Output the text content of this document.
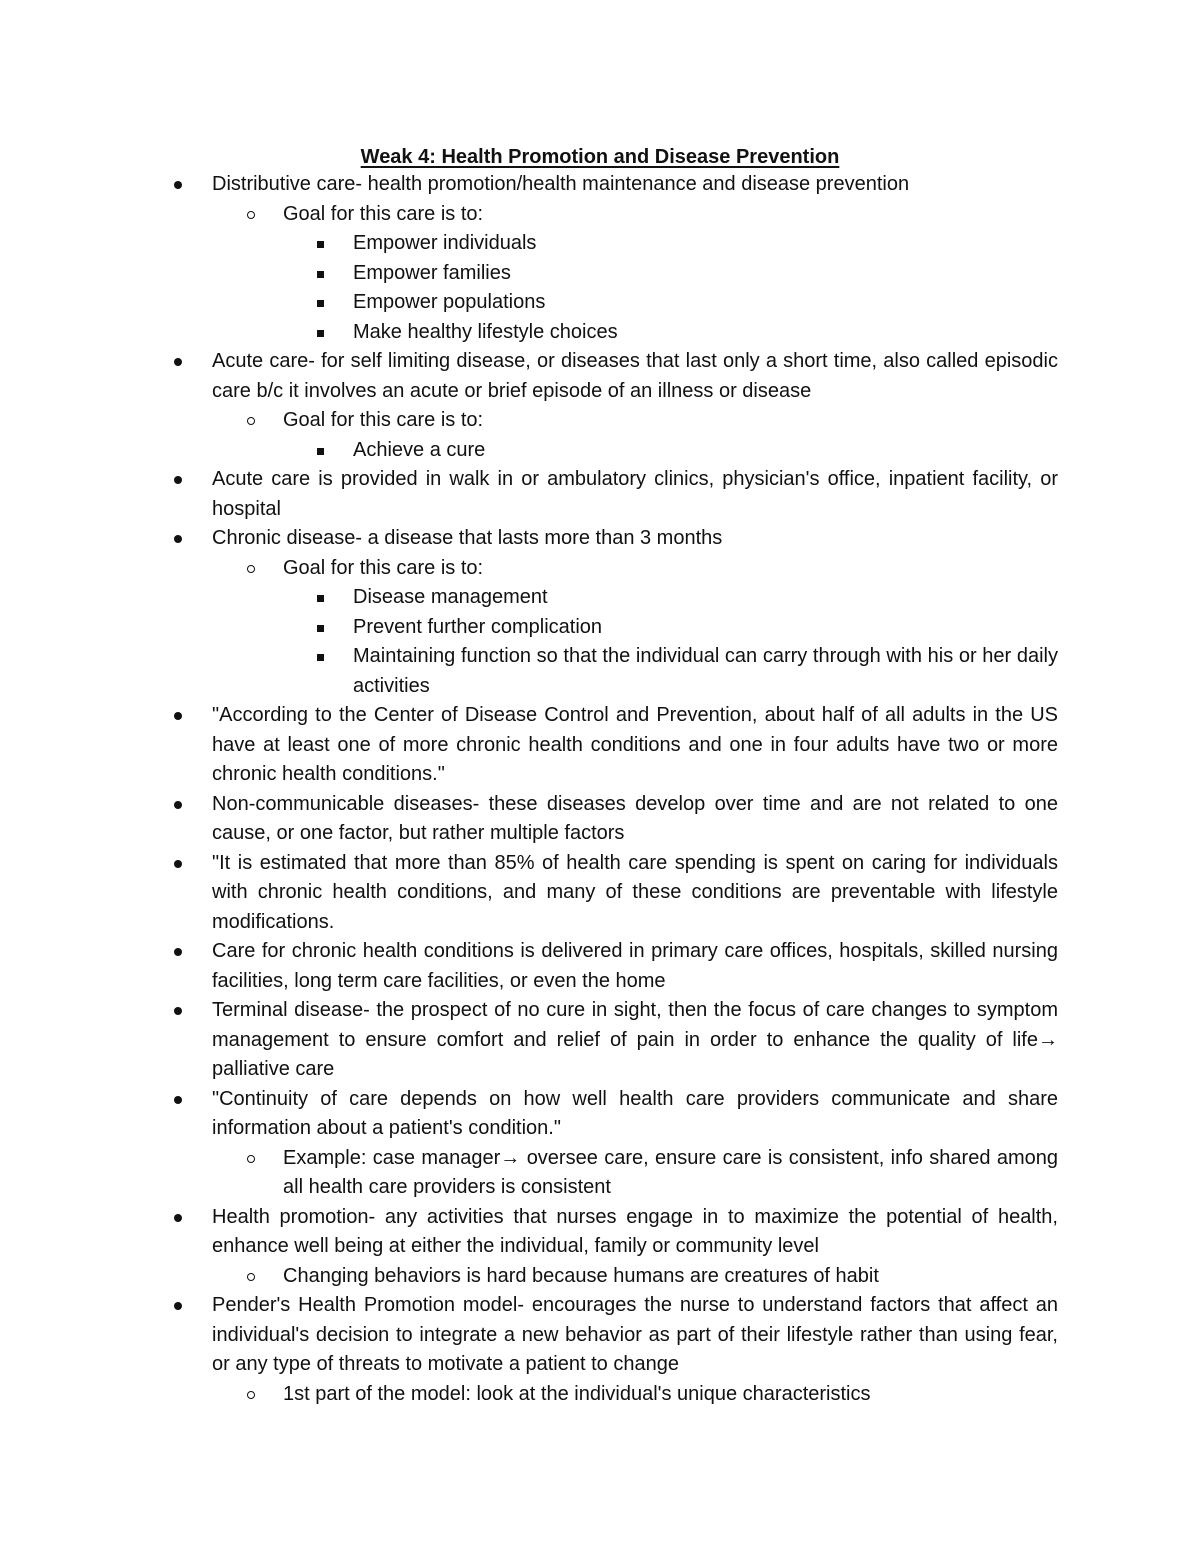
Weak 4: Health Promotion and Disease Prevention
Distributive care- health promotion/health maintenance and disease prevention
Goal for this care is to:
Empower individuals
Empower families
Empower populations
Make healthy lifestyle choices
Acute care- for self limiting disease, or diseases that last only a short time, also called episodic care b/c it involves an acute or brief episode of an illness or disease
Goal for this care is to:
Achieve a cure
Acute care is provided in walk in or ambulatory clinics, physician's office, inpatient facility, or hospital
Chronic disease- a disease that lasts more than 3 months
Goal for this care is to:
Disease management
Prevent further complication
Maintaining function so that the individual can carry through with his or her daily activities
"According to the Center of Disease Control and Prevention, about half of all adults in the US have at least one of more chronic health conditions and one in four adults have two or more chronic health conditions."
Non-communicable diseases- these diseases develop over time and are not related to one cause, or one factor, but rather multiple factors
"It is estimated that more than 85% of health care spending is spent on caring for individuals with chronic health conditions, and many of these conditions are preventable with lifestyle modifications.
Care for chronic health conditions is delivered in primary care offices, hospitals, skilled nursing facilities, long term care facilities, or even the home
Terminal disease- the prospect of no cure in sight, then the focus of care changes to symptom management to ensure comfort and relief of pain in order to enhance the quality of life→ palliative care
"Continuity of care depends on how well health care providers communicate and share information about a patient's condition."
Example: case manager→ oversee care, ensure care is consistent, info shared among all health care providers is consistent
Health promotion- any activities that nurses engage in to maximize the potential of health, enhance well being at either the individual, family or community level
Changing behaviors is hard because humans are creatures of habit
Pender's Health Promotion model- encourages the nurse to understand factors that affect an individual's decision to integrate a new behavior as part of their lifestyle rather than using fear, or any type of threats to motivate a patient to change
1st part of the model: look at the individual's unique characteristics
